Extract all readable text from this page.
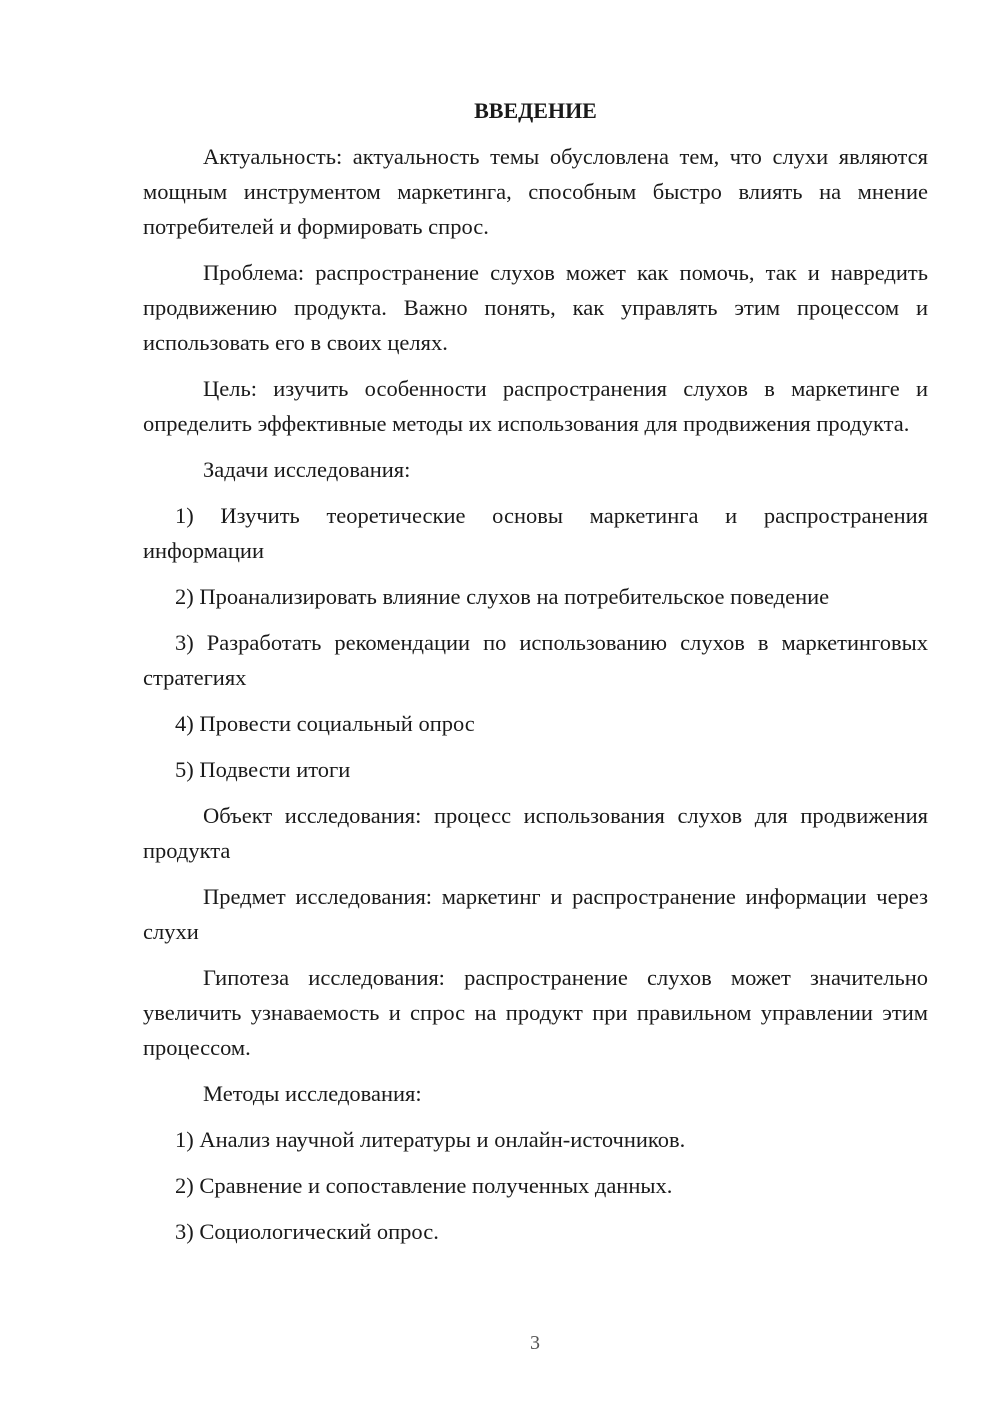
ВВЕДЕНИЕ

Актуальность: актуальность темы обусловлена тем, что слухи являются мощным инструментом маркетинга, способным быстро влиять на мнение потребителей и формировать спрос.

Проблема: распространение слухов может как помочь, так и навредить продвижению продукта. Важно понять, как управлять этим процессом и использовать его в своих целях.

Цель: изучить особенности распространения слухов в маркетинге и определить эффективные методы их использования для продвижения продукта.

Задачи исследования:

1) Изучить теоретические основы маркетинга и распространения информации

2) Проанализировать влияние слухов на потребительское поведение

3) Разработать рекомендации по использованию слухов в маркетинговых стратегиях

4) Провести социальный опрос

5) Подвести итоги

Объект исследования: процесс использования слухов для продвижения продукта

Предмет исследования: маркетинг и распространение информации через слухи

Гипотеза исследования: распространение слухов может значительно увеличить узнаваемость и спрос на продукт при правильном управлении этим процессом.

Методы исследования:

1) Анализ научной литературы и онлайн-источников.

2) Сравнение и сопоставление полученных данных.

3) Социологический опрос.

3
